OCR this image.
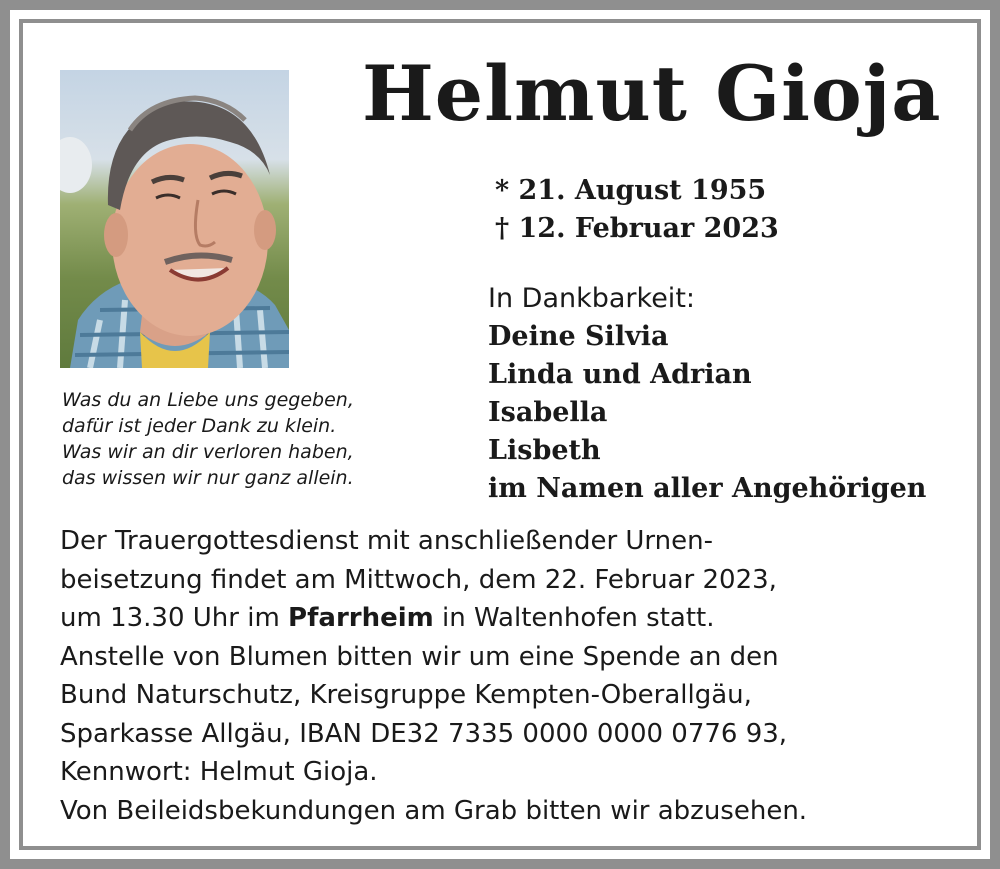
Helmut Gioja
* 21. August 1955
† 12. Februar 2023
In Dankbarkeit:
Deine Silvia
Linda und Adrian
Isabella
Lisbeth
im Namen aller Angehörigen
Was du an Liebe uns gegeben,
dafür ist jeder Dank zu klein.
Was wir an dir verloren haben,
das wissen wir nur ganz allein.
Der Trauergottesdienst mit anschließender Urnen-
beisetzung findet am Mittwoch, dem 22. Februar 2023,
um 13.30 Uhr im Pfarrheim in Waltenhofen statt.
Anstelle von Blumen bitten wir um eine Spende an den
Bund Naturschutz, Kreisgruppe Kempten-Oberallgäu,
Sparkasse Allgäu, IBAN DE32 7335 0000 0000 0776 93,
Kennwort: Helmut Gioja.
Von Beileidsbekundungen am Grab bitten wir abzusehen.
